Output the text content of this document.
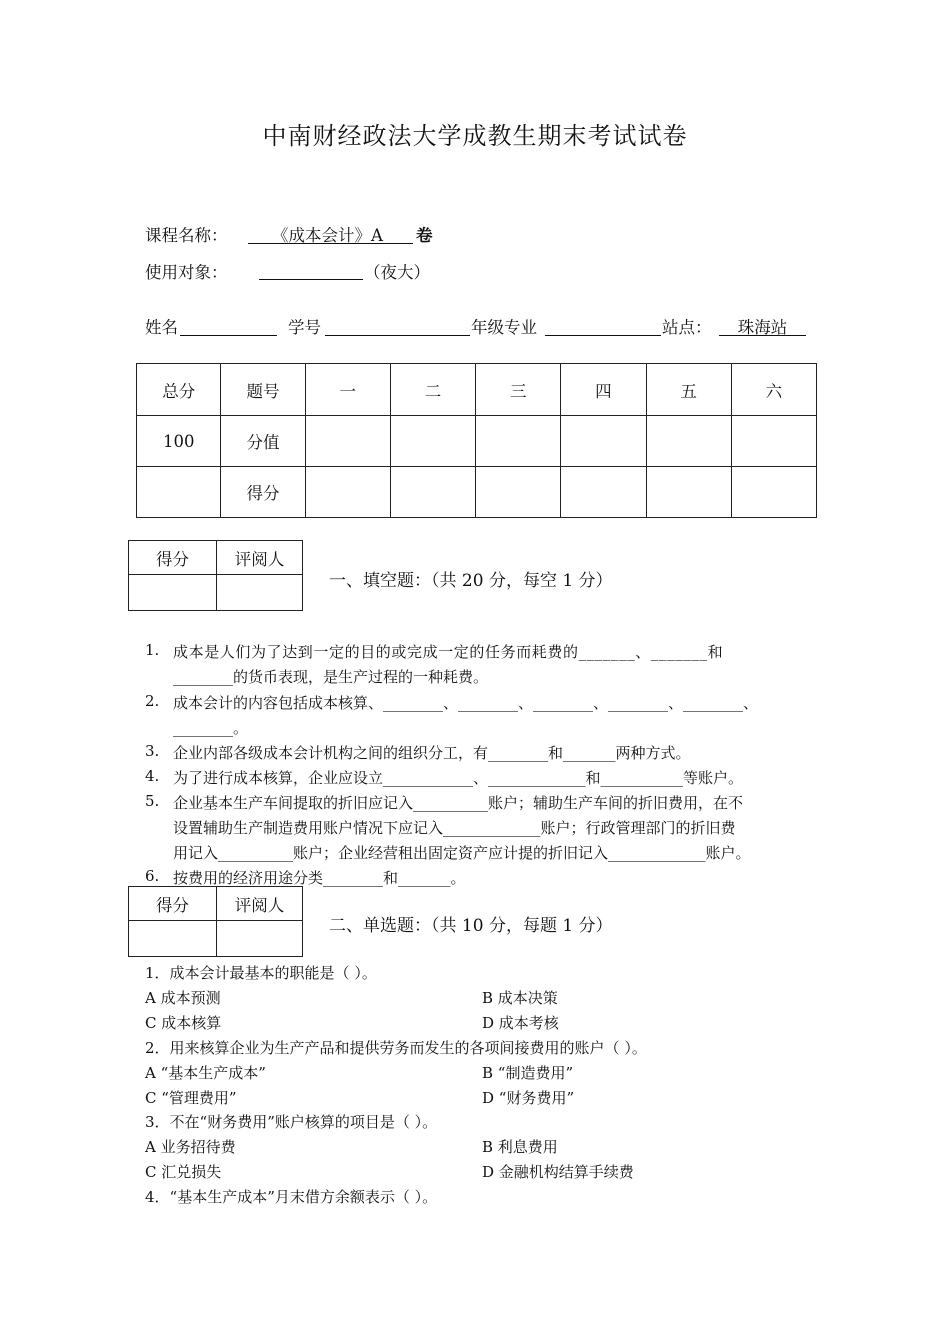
中南财经政法大学成教生期末考试试卷
课程名称：	《成本会计》A	卷
使用对象：	（夜大）
姓名	学号	年级专业	站点：	珠海站
总分	题号	一	二	三	四	五	六
100	分值						
	得分						
得分	评阅人

一、填空题：（共 20 分，每空 1 分）
1. 成本是人们为了达到一定的目的或完成一定的任务而耗费的_______、_______和
________的货币表现，是生产过程的一种耗费。
2. 成本会计的内容包括成本核算、________、________、________、________、________、
________。
3. 企业内部各级成本会计机构之间的组织分工，有________和_______两种方式。
4. 为了进行成本核算，企业应设立____________、_____________和___________等账户。
5. 企业基本生产车间提取的折旧应记入__________账户；辅助生产车间的折旧费用，在不
设置辅助生产制造费用账户情况下应记入_____________账户；行政管理部门的折旧费
用记入__________账户；企业经营租出固定资产应计提的折旧记入_____________账户。
6. 按费用的经济用途分类________和_______。
得分	评阅人

二、单选题：（共 10 分，每题 1 分）
1．成本会计最基本的职能是（ ）。
A 成本预测	B 成本决策
C 成本核算	D 成本考核
2．用来核算企业为生产产品和提供劳务而发生的各项间接费用的账户（ ）。
A “基本生产成本”	B “制造费用”
C “管理费用”	D “财务费用”
3．不在“财务费用”账户核算的项目是（ ）。
A 业务招待费	B 利息费用
C 汇兑损失	D 金融机构结算手续费
4．“基本生产成本”月末借方余额表示（ ）。
